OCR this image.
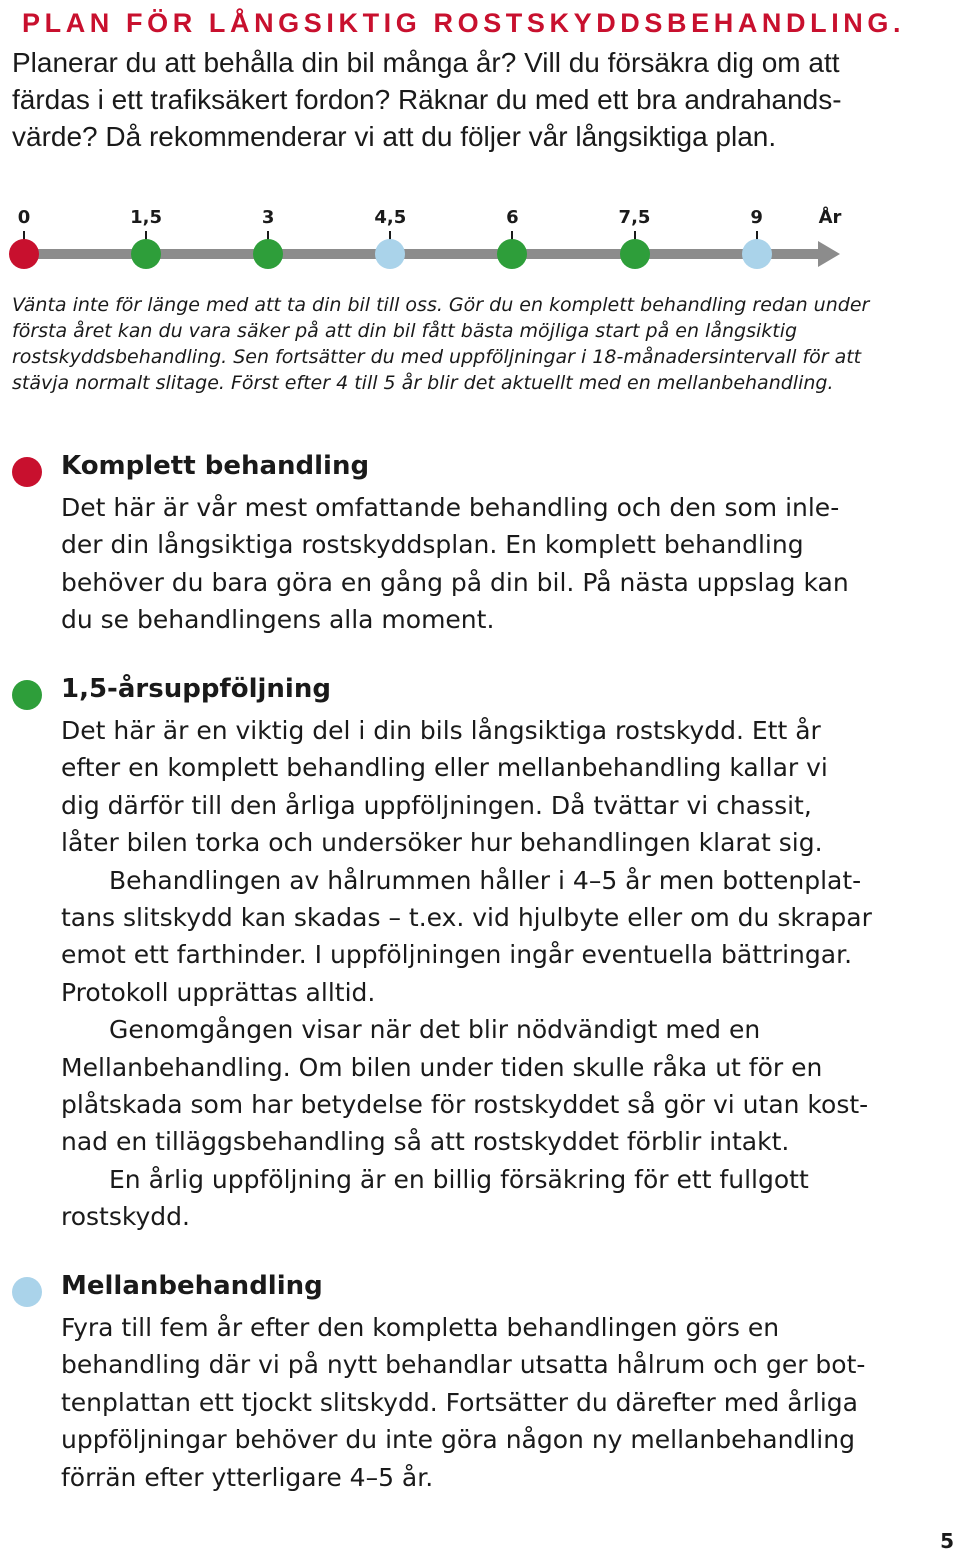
PLAN FÖR LÅNGSIKTIG ROSTSKYDDSBEHANDLING.
Planerar du att behålla din bil många år? Vill du försäkra dig om att
färdas i ett trafiksäkert fordon? Räknar du med ett bra andrahands-
värde? Då rekommenderar vi att du följer vår långsiktiga plan.
År
0	1,5	3	4,5	6	7,5	9
Vänta inte för länge med att ta din bil till oss. Gör du en komplett behandling redan under
första året kan du vara säker på att din bil fått bästa möjliga start på en långsiktig
rostskyddsbehandling. Sen fortsätter du med uppföljningar i 18-månadersintervall för att
stävja normalt slitage. Först efter 4 till 5 år blir det aktuellt med en mellanbehandling.
Komplett behandling
Det här är vår mest omfattande behandling och den som inle-
der din långsiktiga rostskyddsplan. En komplett behandling
behöver du bara göra en gång på din bil. På nästa uppslag kan
du se behandlingens alla moment.
1,5-årsuppföljning
Det här är en viktig del i din bils långsiktiga rostskydd. Ett år
efter en komplett behandling eller mellanbehandling kallar vi
dig därför till den årliga uppföljningen. Då tvättar vi chassit,
låter bilen torka och undersöker hur behandlingen klarat sig.
Behandlingen av hålrummen håller i 4–5 år men bottenplat-
tans slitskydd kan skadas – t.ex. vid hjulbyte eller om du skrapar
emot ett farthinder. I uppföljningen ingår eventuella bättringar.
Protokoll upprättas alltid.
Genomgången visar när det blir nödvändigt med en
Mellanbehandling. Om bilen under tiden skulle råka ut för en
plåtskada som har betydelse för rostskyddet så gör vi utan kost-
nad en tilläggsbehandling så att rostskyddet förblir intakt.
En årlig uppföljning är en billig försäkring för ett fullgott
rostskydd.
Mellanbehandling
Fyra till fem år efter den kompletta behandlingen görs en
behandling där vi på nytt behandlar utsatta hålrum och ger bot-
tenplattan ett tjockt slitskydd. Fortsätter du därefter med årliga
uppföljningar behöver du inte göra någon ny mellanbehandling
förrän efter ytterligare 4–5 år.
5
